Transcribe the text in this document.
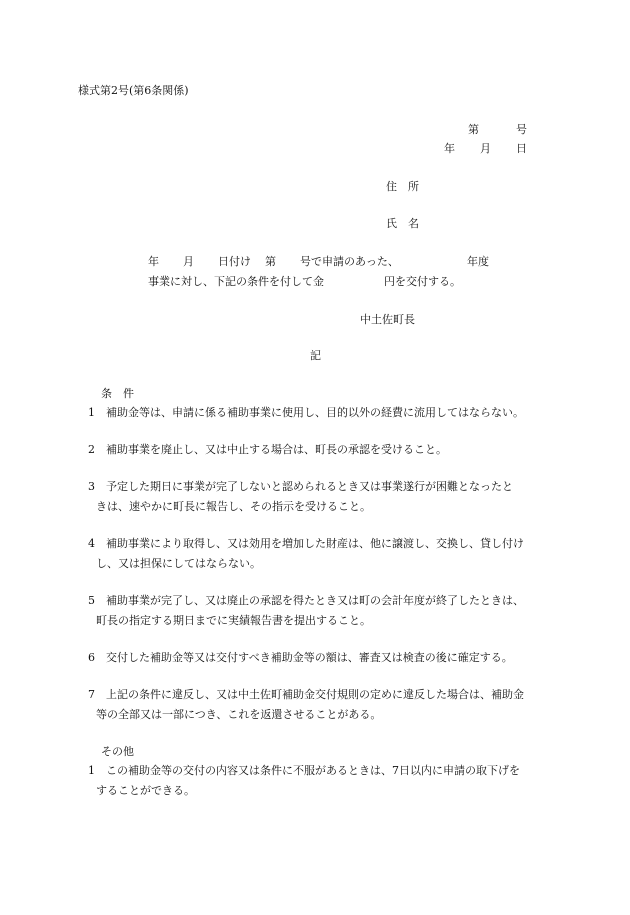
様式第2号(第6条関係)
第	号
年 月 日
住　所
氏　名
年 月 日付け 第 号で申請のあった、	年度
事業に対し、下記の条件を付して金	円を交付する。
中土佐町長
記
条　件
1 補助金等は、申請に係る補助事業に使用し、目的以外の経費に流用してはならない。
2 補助事業を廃止し、又は中止する場合は、町長の承認を受けること。
3 予定した期日に事業が完了しないと認められるとき又は事業遂行が困難となったと
きは、速やかに町長に報告し、その指示を受けること。
4 補助事業により取得し、又は効用を増加した財産は、他に譲渡し、交換し、貸し付け
し、又は担保にしてはならない。
5 補助事業が完了し、又は廃止の承認を得たとき又は町の会計年度が終了したときは、
町長の指定する期日までに実績報告書を提出すること。
6 交付した補助金等又は交付すべき補助金等の額は、審査又は検査の後に確定する。
7 上記の条件に違反し、又は中土佐町補助金交付規則の定めに違反した場合は、補助金
等の全部又は一部につき、これを返還させることがある。
その他
1 この補助金等の交付の内容又は条件に不服があるときは、7日以内に申請の取下げを
することができる。
